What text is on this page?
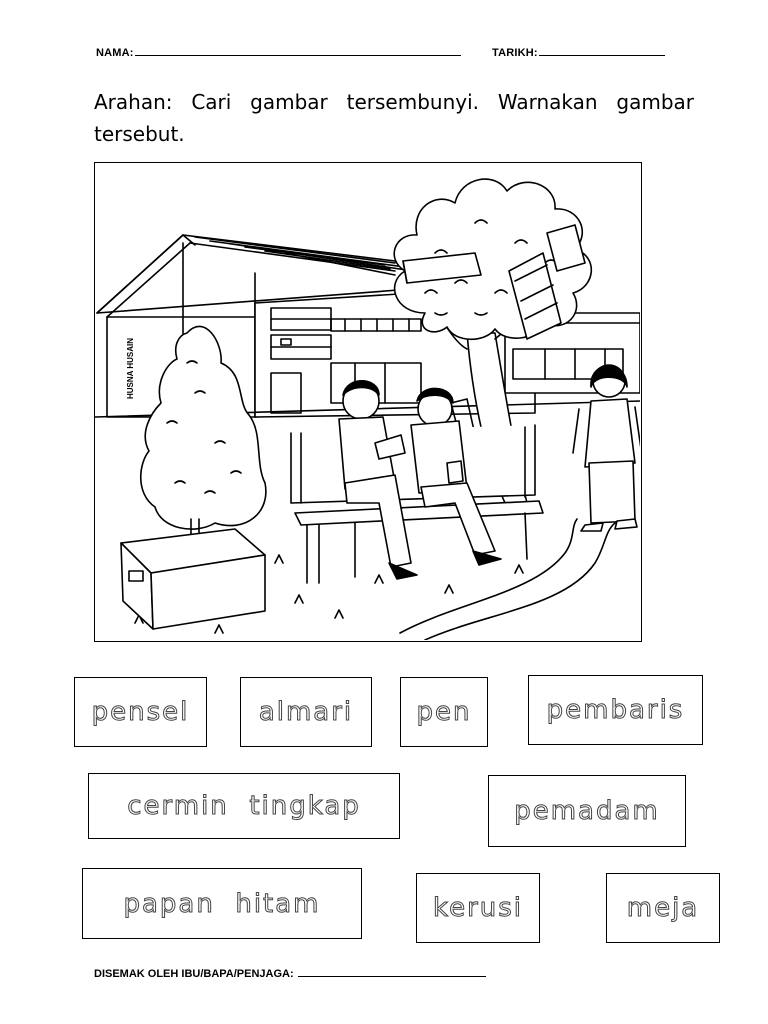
NAMA:	TARIKH:
Arahan: Cari gambar tersembunyi. Warnakan gambar tersebut.
HUSNA HUSAIN
pensel	almari pen	pembaris
cermin  tingkap	pemadam
papan  hitam	kerusi	meja
DISEMAK OLEH IBU/BAPA/PENJAGA:
